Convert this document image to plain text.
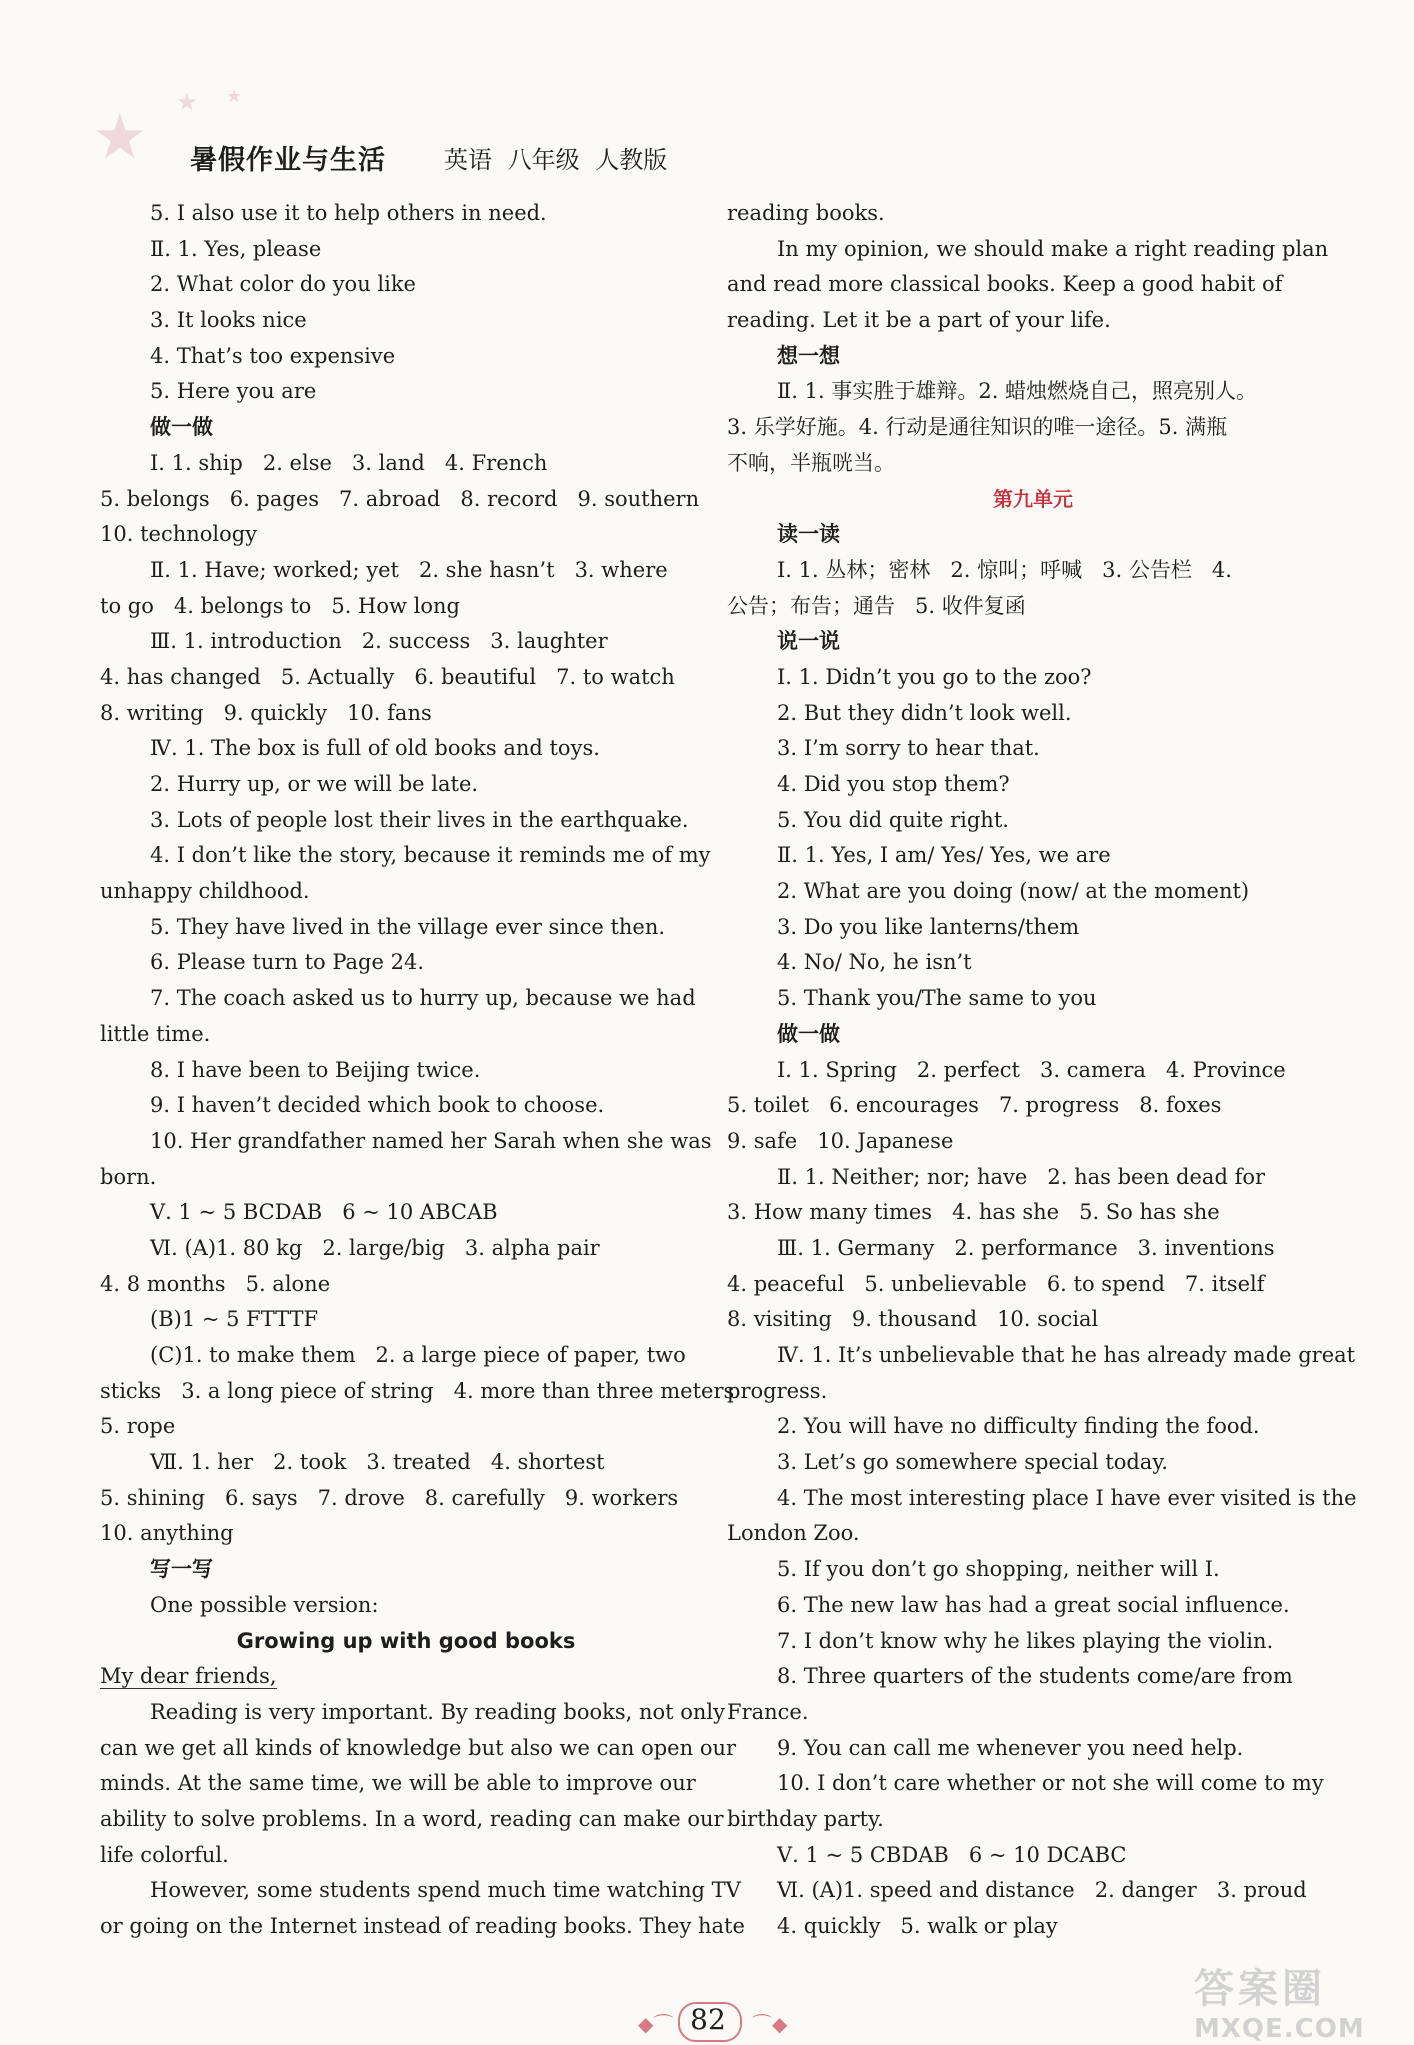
★ ★ ★
暑假作业与生活 英语 八年级 人教版
5. I also use it to help others in need.
Ⅱ. 1. Yes, please
2. What color do you like
3. It looks nice
4. That’s too expensive
5. Here you are
做一做
Ⅰ. 1. ship   2. else   3. land   4. French
5. belongs   6. pages   7. abroad   8. record   9. southern
10. technology
Ⅱ. 1. Have; worked; yet   2. she hasn’t   3. where
to go   4. belongs to   5. How long
Ⅲ. 1. introduction   2. success   3. laughter
4. has changed   5. Actually   6. beautiful   7. to watch
8. writing   9. quickly   10. fans
Ⅳ. 1. The box is full of old books and toys.
2. Hurry up, or we will be late.
3. Lots of people lost their lives in the earthquake.
4. I don’t like the story, because it reminds me of my
unhappy childhood.
5. They have lived in the village ever since then.
6. Please turn to Page 24.
7. The coach asked us to hurry up, because we had
little time.
8. I have been to Beijing twice.
9. I haven’t decided which book to choose.
10. Her grandfather named her Sarah when she was
born.
Ⅴ. 1 ~ 5 BCDAB   6 ~ 10 ABCAB
Ⅵ. (A)1. 80 kg   2. large/big   3. alpha pair
4. 8 months   5. alone
(B)1 ~ 5 FTTTF
(C)1. to make them   2. a large piece of paper, two
sticks   3. a long piece of string   4. more than three meters
5. rope
Ⅶ. 1. her   2. took   3. treated   4. shortest
5. shining   6. says   7. drove   8. carefully   9. workers
10. anything
写一写
One possible version:
Growing up with good books
My dear friends,
Reading is very important. By reading books, not only
can we get all kinds of knowledge but also we can open our
minds. At the same time, we will be able to improve our
ability to solve problems. In a word, reading can make our
life colorful.
However, some students spend much time watching TV
or going on the Internet instead of reading books. They hate
reading books.
In my opinion, we should make a right reading plan
and read more classical books. Keep a good habit of
reading. Let it be a part of your life.
想一想
Ⅱ. 1. 事实胜于雄辩。2. 蜡烛燃烧自己，照亮别人。
3. 乐学好施。4. 行动是通往知识的唯一途径。5. 满瓶
不响，半瓶咣当。
第九单元
读一读
Ⅰ. 1. 丛林；密林   2. 惊叫；呼喊   3. 公告栏   4.
公告；布告；通告   5. 收件复函
说一说
Ⅰ. 1. Didn’t you go to the zoo?
2. But they didn’t look well.
3. I’m sorry to hear that.
4. Did you stop them?
5. You did quite right.
Ⅱ. 1. Yes, I am/ Yes/ Yes, we are
2. What are you doing (now/ at the moment)
3. Do you like lanterns/them
4. No/ No, he isn’t
5. Thank you/The same to you
做一做
Ⅰ. 1. Spring   2. perfect   3. camera   4. Province
5. toilet   6. encourages   7. progress   8. foxes
9. safe   10. Japanese
Ⅱ. 1. Neither; nor; have   2. has been dead for
3. How many times   4. has she   5. So has she
Ⅲ. 1. Germany   2. performance   3. inventions
4. peaceful   5. unbelievable   6. to spend   7. itself
8. visiting   9. thousand   10. social
Ⅳ. 1. It’s unbelievable that he has already made great
progress.
2. You will have no difficulty finding the food.
3. Let’s go somewhere special today.
4. The most interesting place I have ever visited is the
London Zoo.
5. If you don’t go shopping, neither will I.
6. The new law has had a great social influence.
7. I don’t know why he likes playing the violin.
8. Three quarters of the students come/are from
France.
9. You can call me whenever you need help.
10. I don’t care whether or not she will come to my
birthday party.
Ⅴ. 1 ~ 5 CBDAB   6 ~ 10 DCABC
Ⅵ. (A)1. speed and distance   2. danger   3. proud
4. quickly   5. walk or play
◆⌒ 82	⌒◆
答案圈
MXQE.COM
